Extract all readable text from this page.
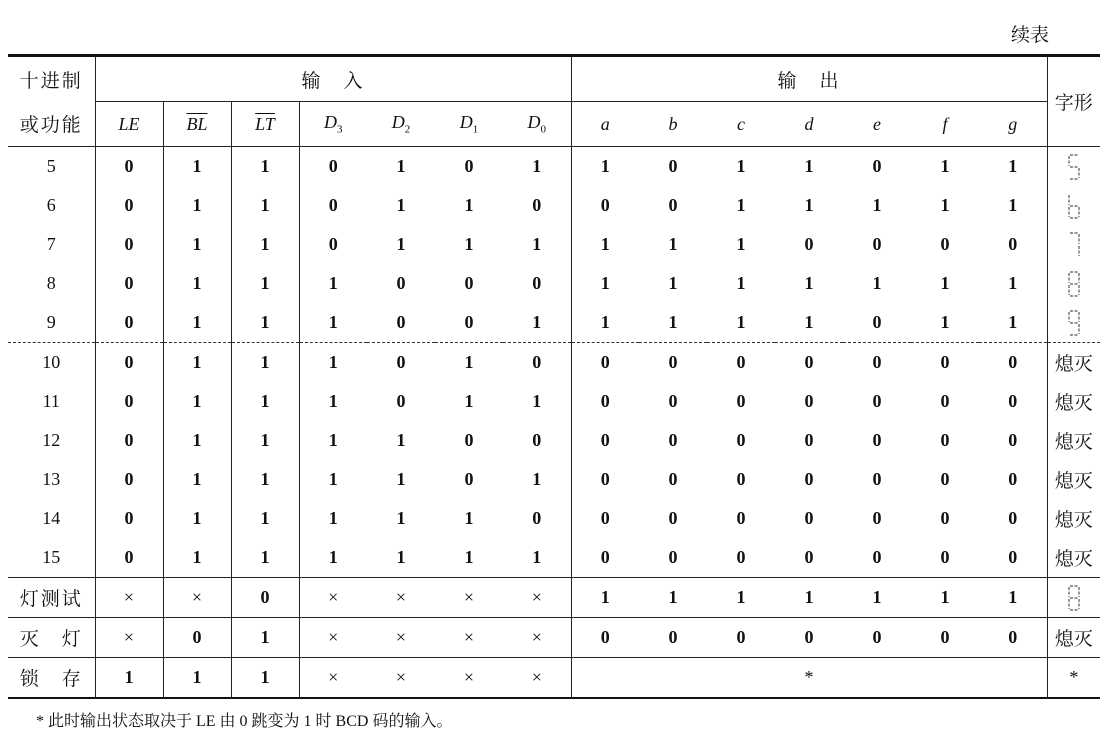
续表
十进制	输　入							输　出							字形
或功能	LE	$\overline{BL}$	$\overline{LT}$	$D_3$	$D_2$	$D_1$	$D_0$	a	b	c	d	e	f	g	
5	0	1	1	0	1	0	1	1	0	1	1	0	1	1	
6	0	1	1	0	1	1	0	0	0	1	1	1	1	1	
7	0	1	1	0	1	1	1	1	1	1	0	0	0	0	
8	0	1	1	1	0	0	0	1	1	1	1	1	1	1	
9	0	1	1	1	0	0	1	1	1	1	1	0	1	1	
10	0	1	1	1	0	1	0	0	0	0	0	0	0	0	熄灭
11	0	1	1	1	0	1	1	0	0	0	0	0	0	0	熄灭
12	0	1	1	1	1	0	0	0	0	0	0	0	0	0	熄灭
13	0	1	1	1	1	0	1	0	0	0	0	0	0	0	熄灭
14	0	1	1	1	1	1	0	0	0	0	0	0	0	0	熄灭
15	0	1	1	1	1	1	1	0	0	0	0	0	0	0	熄灭
灯测试	×	×	0	×	×	×	×	1	1	1	1	1	1	1	
灭　灯	×	0	1	×	×	×	×	0	0	0	0	0	0	0	熄灭
锁　存	1	1	1	×	×	×	×	*							*
* 此时输出状态取决于 LE 由 0 跳变为 1 时 BCD 码的输入。
